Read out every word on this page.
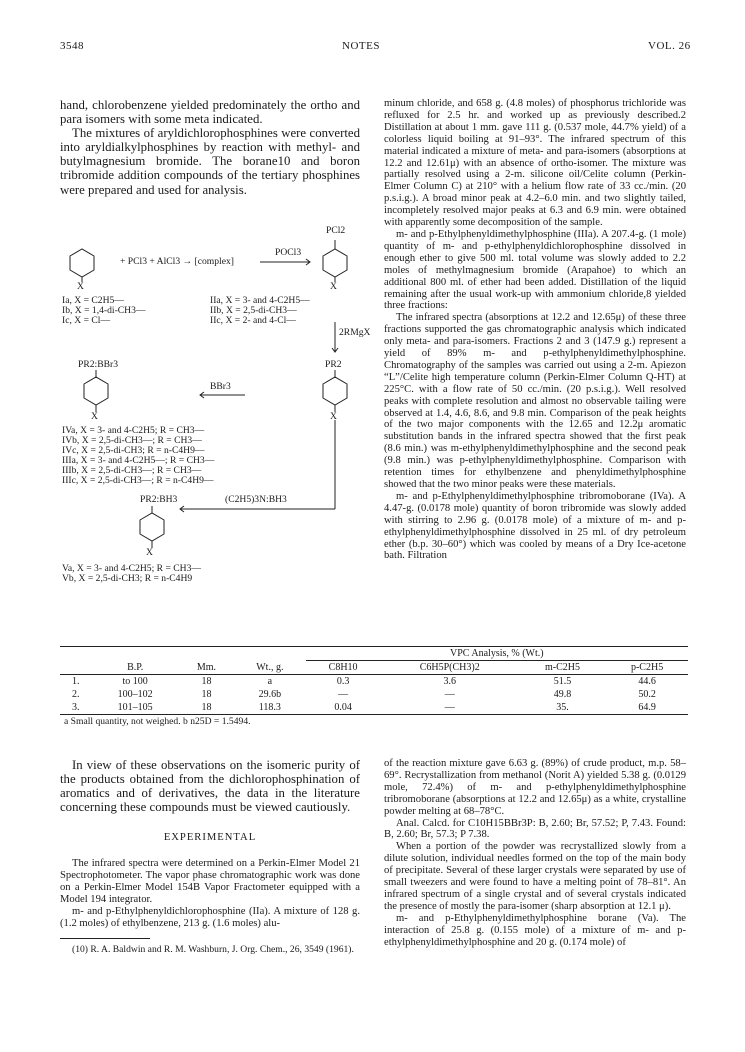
3548	NOTES	VOL. 26

hand, chlorobenzene yielded predominately the ortho and para isomers with some meta indicated.

The mixtures of aryldichlorophosphines were converted into aryldialkylphosphines by reaction with methyl- and butylmagnesium bromide. The borane10 and boron tribromide addition compounds of the tertiary phosphines were prepared and used for analysis.

PCl2
+ PCl3 + AlCl3 → [complex]
POCl3
X	X
Ia, X = C2H5—
Ib, X = 1,4-di-CH3—
Ic, X = Cl—
IIa, X = 3- and 4-C2H5—
IIb, X = 2,5-di-CH3—
IIc, X = 2- and 4-Cl—
2RMgX
PR2:BBr3	PR2
BBr3
X	X
IVa, X = 3- and 4-C2H5; R = CH3—
IVb, X = 2,5-di-CH3—; R = CH3—
IVc, X = 2,5-di-CH3; R = n-C4H9—
IIIa, X = 3- and 4-C2H5—; R = CH3—
IIIb, X = 2,5-di-CH3—; R = CH3—
IIIc, X = 2,5-di-CH3—; R = n-C4H9—
PR2:BH3	(C2H5)3N:BH3
X
Va, X = 3- and 4-C2H5; R = CH3—
Vb, X = 2,5-di-CH3; R = n-C4H9

minum chloride, and 658 g. (4.8 moles) of phosphorus trichloride was refluxed for 2.5 hr. and worked up as previously described.2 Distillation at about 1 mm. gave 111 g. (0.537 mole, 44.7% yield) of a colorless liquid boiling at 91–93°. The infrared spectrum of this material indicated a mixture of meta- and para-isomers (absorptions at 12.2 and 12.61μ) with an absence of ortho-isomer. The mixture was partially resolved using a 2-m. silicone oil/Celite column (Perkin-Elmer Column C) at 210° with a helium flow rate of 33 cc./min. (20 p.s.i.g.). A broad minor peak at 4.2–6.0 min. and two slightly tailed, incompletely resolved major peaks at 6.3 and 6.9 min. were obtained with apparently some decomposition of the sample.

m- and p-Ethylphenyldimethylphosphine (IIIa). A 207.4-g. (1 mole) quantity of m- and p-ethylphenyldichlorophosphine dissolved in enough ether to give 500 ml. total volume was slowly added to 2.2 moles of methylmagnesium bromide (Arapahoe) to which an additional 800 ml. of ether had been added. Distillation of the liquid remaining after the usual work-up with ammonium chloride,8 yielded three fractions:

The infrared spectra (absorptions at 12.2 and 12.65μ) of these three fractions supported the gas chromatographic analysis which indicated only meta- and para-isomers. Fractions 2 and 3 (147.9 g.) represent a yield of 89% m- and p-ethylphenyldimethylphosphine. Chromatography of the samples was carried out using a 2-m. Apiezon “L”/Celite high temperature column (Perkin-Elmer Column Q-HT) at 225°C. with a flow rate of 50 cc./min. (20 p.s.i.g.). Well resolved peaks with complete resolution and almost no observable tailing were observed at 1.4, 4.6, 8.6, and 9.8 min. Comparison of the peak heights of the two major components with the 12.65 and 12.2μ aromatic substitution bands in the infrared spectra showed that the first peak (8.6 min.) was m-ethylphenyldimethylphosphine and the second peak (9.8 min.) was p-ethylphenyldimethylphosphine. Comparison with retention times for ethylbenzene and phenyldimethylphosphine showed that the two minor peaks were these materials.

m- and p-Ethylphenyldimethylphosphine tribromoborane (IVa). A 4.47-g. (0.0178 mole) quantity of boron tribromide was slowly added with stirring to 2.96 g. (0.0178 mole) of a mixture of m- and p-ethylphenyldimethylphosphine dissolved in 25 ml. of dry petroleum ether (b.p. 30–60°) which was cooled by means of a Dry Ice-acetone bath. Filtration

				VPC Analysis, % (Wt.)			
	B.P.	Mm.	Wt., g.	C8H10	C6H5P(CH3)2	m-C2H5	p-C2H5
1.	to 100	18	a	0.3	3.6	51.5	44.6
2.	100–102	18	29.6b	—	—	49.8	50.2
3.	101–105	18	118.3	0.04	—	35.	64.9
a Small quantity, not weighed. b n25D = 1.5494.							

In view of these observations on the isomeric purity of the products obtained from the dichlorophosphination of aromatics and of derivatives, the data in the literature concerning these compounds must be viewed cautiously.

EXPERIMENTAL

The infrared spectra were determined on a Perkin-Elmer Model 21 Spectrophotometer. The vapor phase chromatographic work was done on a Perkin-Elmer Model 154B Vapor Fractometer equipped with a Model 194 integrator.

m- and p-Ethylphenyldichlorophosphine (IIa). A mixture of 128 g. (1.2 moles) of ethylbenzene, 213 g. (1.6 moles) alu-

(10) R. A. Baldwin and R. M. Washburn, J. Org. Chem., 26, 3549 (1961).

of the reaction mixture gave 6.63 g. (89%) of crude product, m.p. 58–69°. Recrystallization from methanol (Norit A) yielded 5.38 g. (0.0129 mole, 72.4%) of m- and p-ethylphenyldimethylphosphine tribromoborane (absorptions at 12.2 and 12.65μ) as a white, crystalline powder melting at 68–78°C.

Anal. Calcd. for C10H15BBr3P: B, 2.60; Br, 57.52; P, 7.43. Found: B, 2.60; Br, 57.3; P 7.38.

When a portion of the powder was recrystallized slowly from a dilute solution, individual needles formed on the top of the main body of precipitate. Several of these larger crystals were separated by use of small tweezers and were found to have a melting point of 78–81°. An infrared spectrum of a single crystal and of several crystals indicated the presence of mostly the para-isomer (sharp absorption at 12.1 μ).

m- and p-Ethylphenyldimethylphosphine borane (Va). The interaction of 25.8 g. (0.155 mole) of a mixture of m- and p-ethylphenyldimethylphosphine and 20 g. (0.174 mole) of
